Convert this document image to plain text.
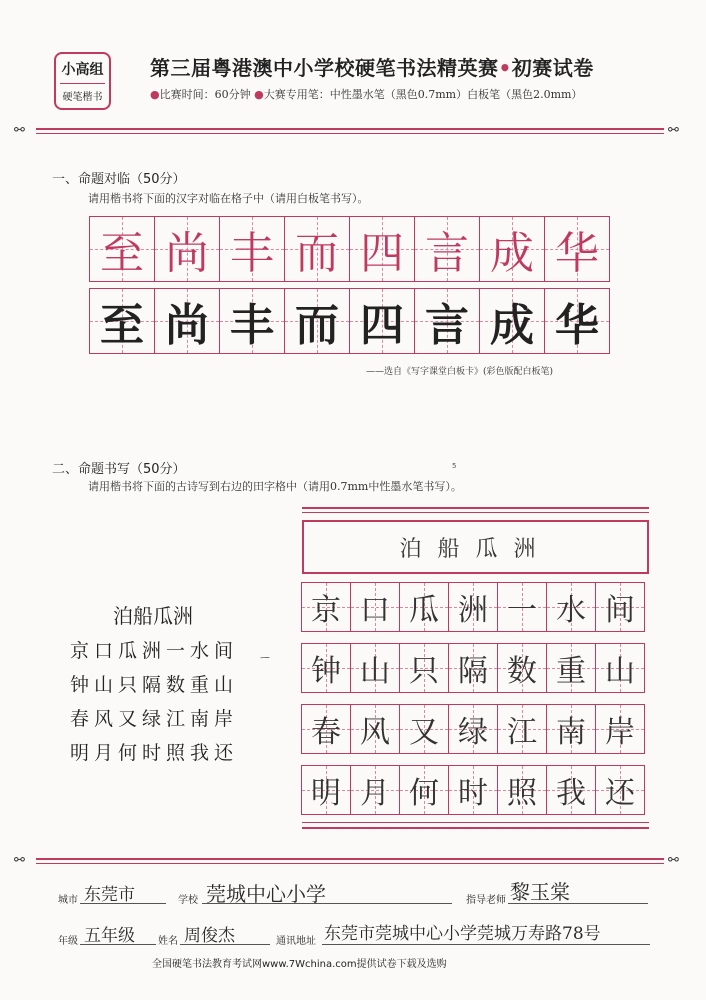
小高组
硬笔楷书
第三届粤港澳中小学校硬笔书法精英赛•初赛试卷
●比赛时间：60分钟 ●大赛专用笔：中性墨水笔（黑色0.7mm）白板笔（黑色2.0mm）
⚯	⚯
一、命题对临（50分）
请用楷书将下面的汉字对临在格子中（请用白板笔书写）。
至 尚 丰 而 四 言 成 华
至 尚 丰 而 四 言 成 华
——选自《写字课堂白板卡》(彩色版配白板笔)
二、命题书写（50分）	5
请用楷书将下面的古诗写到右边的田字格中（请用0.7mm中性墨水笔书写）。
泊船瓜洲
京口瓜洲一水间 ㄧ
钟山只隔数重山
春风又绿江南岸
明月何时照我还
泊船瓜洲
京 口 瓜 洲 一 水 间
钟 山 只 隔 数 重 山
春 风 又 绿 江 南 岸
明 月 何 时 照 我 还
⚯	⚯
城市 东莞市	学校 莞城中心小学	指导老师 黎玉棠
年级 五年级 姓名 周俊杰	通讯地址 东莞市莞城中心小学莞城万寿路78号
全国硬笔书法教育考试网www.7Wchina.com提供试卷下载及选购
